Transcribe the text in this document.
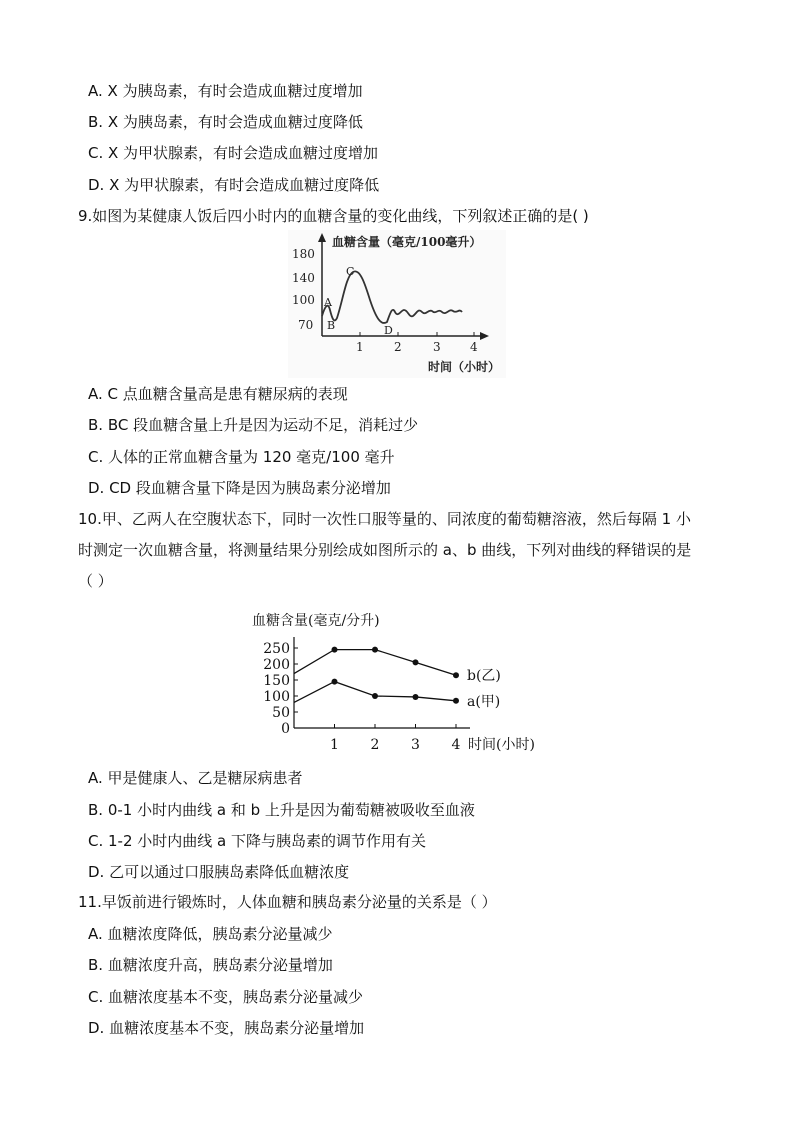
A. X 为胰岛素，有时会造成血糖过度增加
B. X 为胰岛素，有时会造成血糖过度降低
C. X 为甲状腺素，有时会造成血糖过度增加
D. X 为甲状腺素，有时会造成血糖过度降低
9.如图为某健康人饭后四小时内的血糖含量的变化曲线，下列叙述正确的是( )
血糖含量（毫克/100毫升）
180
140
100
70
1	2	3 4
时间（小时）
A
B
C
D
A. C 点血糖含量高是患有糖尿病的表现
B. BC 段血糖含量上升是因为运动不足，消耗过少
C. 人体的正常血糖含量为 120 毫克/100 毫升
D. CD 段血糖含量下降是因为胰岛素分泌增加
10.甲、乙两人在空腹状态下，同时一次性口服等量的、同浓度的葡萄糖溶液，然后每隔 1 小
时测定一次血糖含量，将测量结果分别绘成如图所示的 a、b 曲线，下列对曲线的释错误的是
（ ）
血糖含量(毫克/分升)
时间(小时)
250
200
150
100
50
0
1 2 3 4
b(乙)
a(甲)
A. 甲是健康人、乙是糖尿病患者
B. 0-1 小时内曲线 a 和 b 上升是因为葡萄糖被吸收至血液
C. 1-2 小时内曲线 a 下降与胰岛素的调节作用有关
D. 乙可以通过口服胰岛素降低血糖浓度
11.早饭前进行锻炼时，人体血糖和胰岛素分泌量的关系是（ ）
A. 血糖浓度降低，胰岛素分泌量减少
B. 血糖浓度升高，胰岛素分泌量增加
C. 血糖浓度基本不变，胰岛素分泌量减少
D. 血糖浓度基本不变，胰岛素分泌量增加
